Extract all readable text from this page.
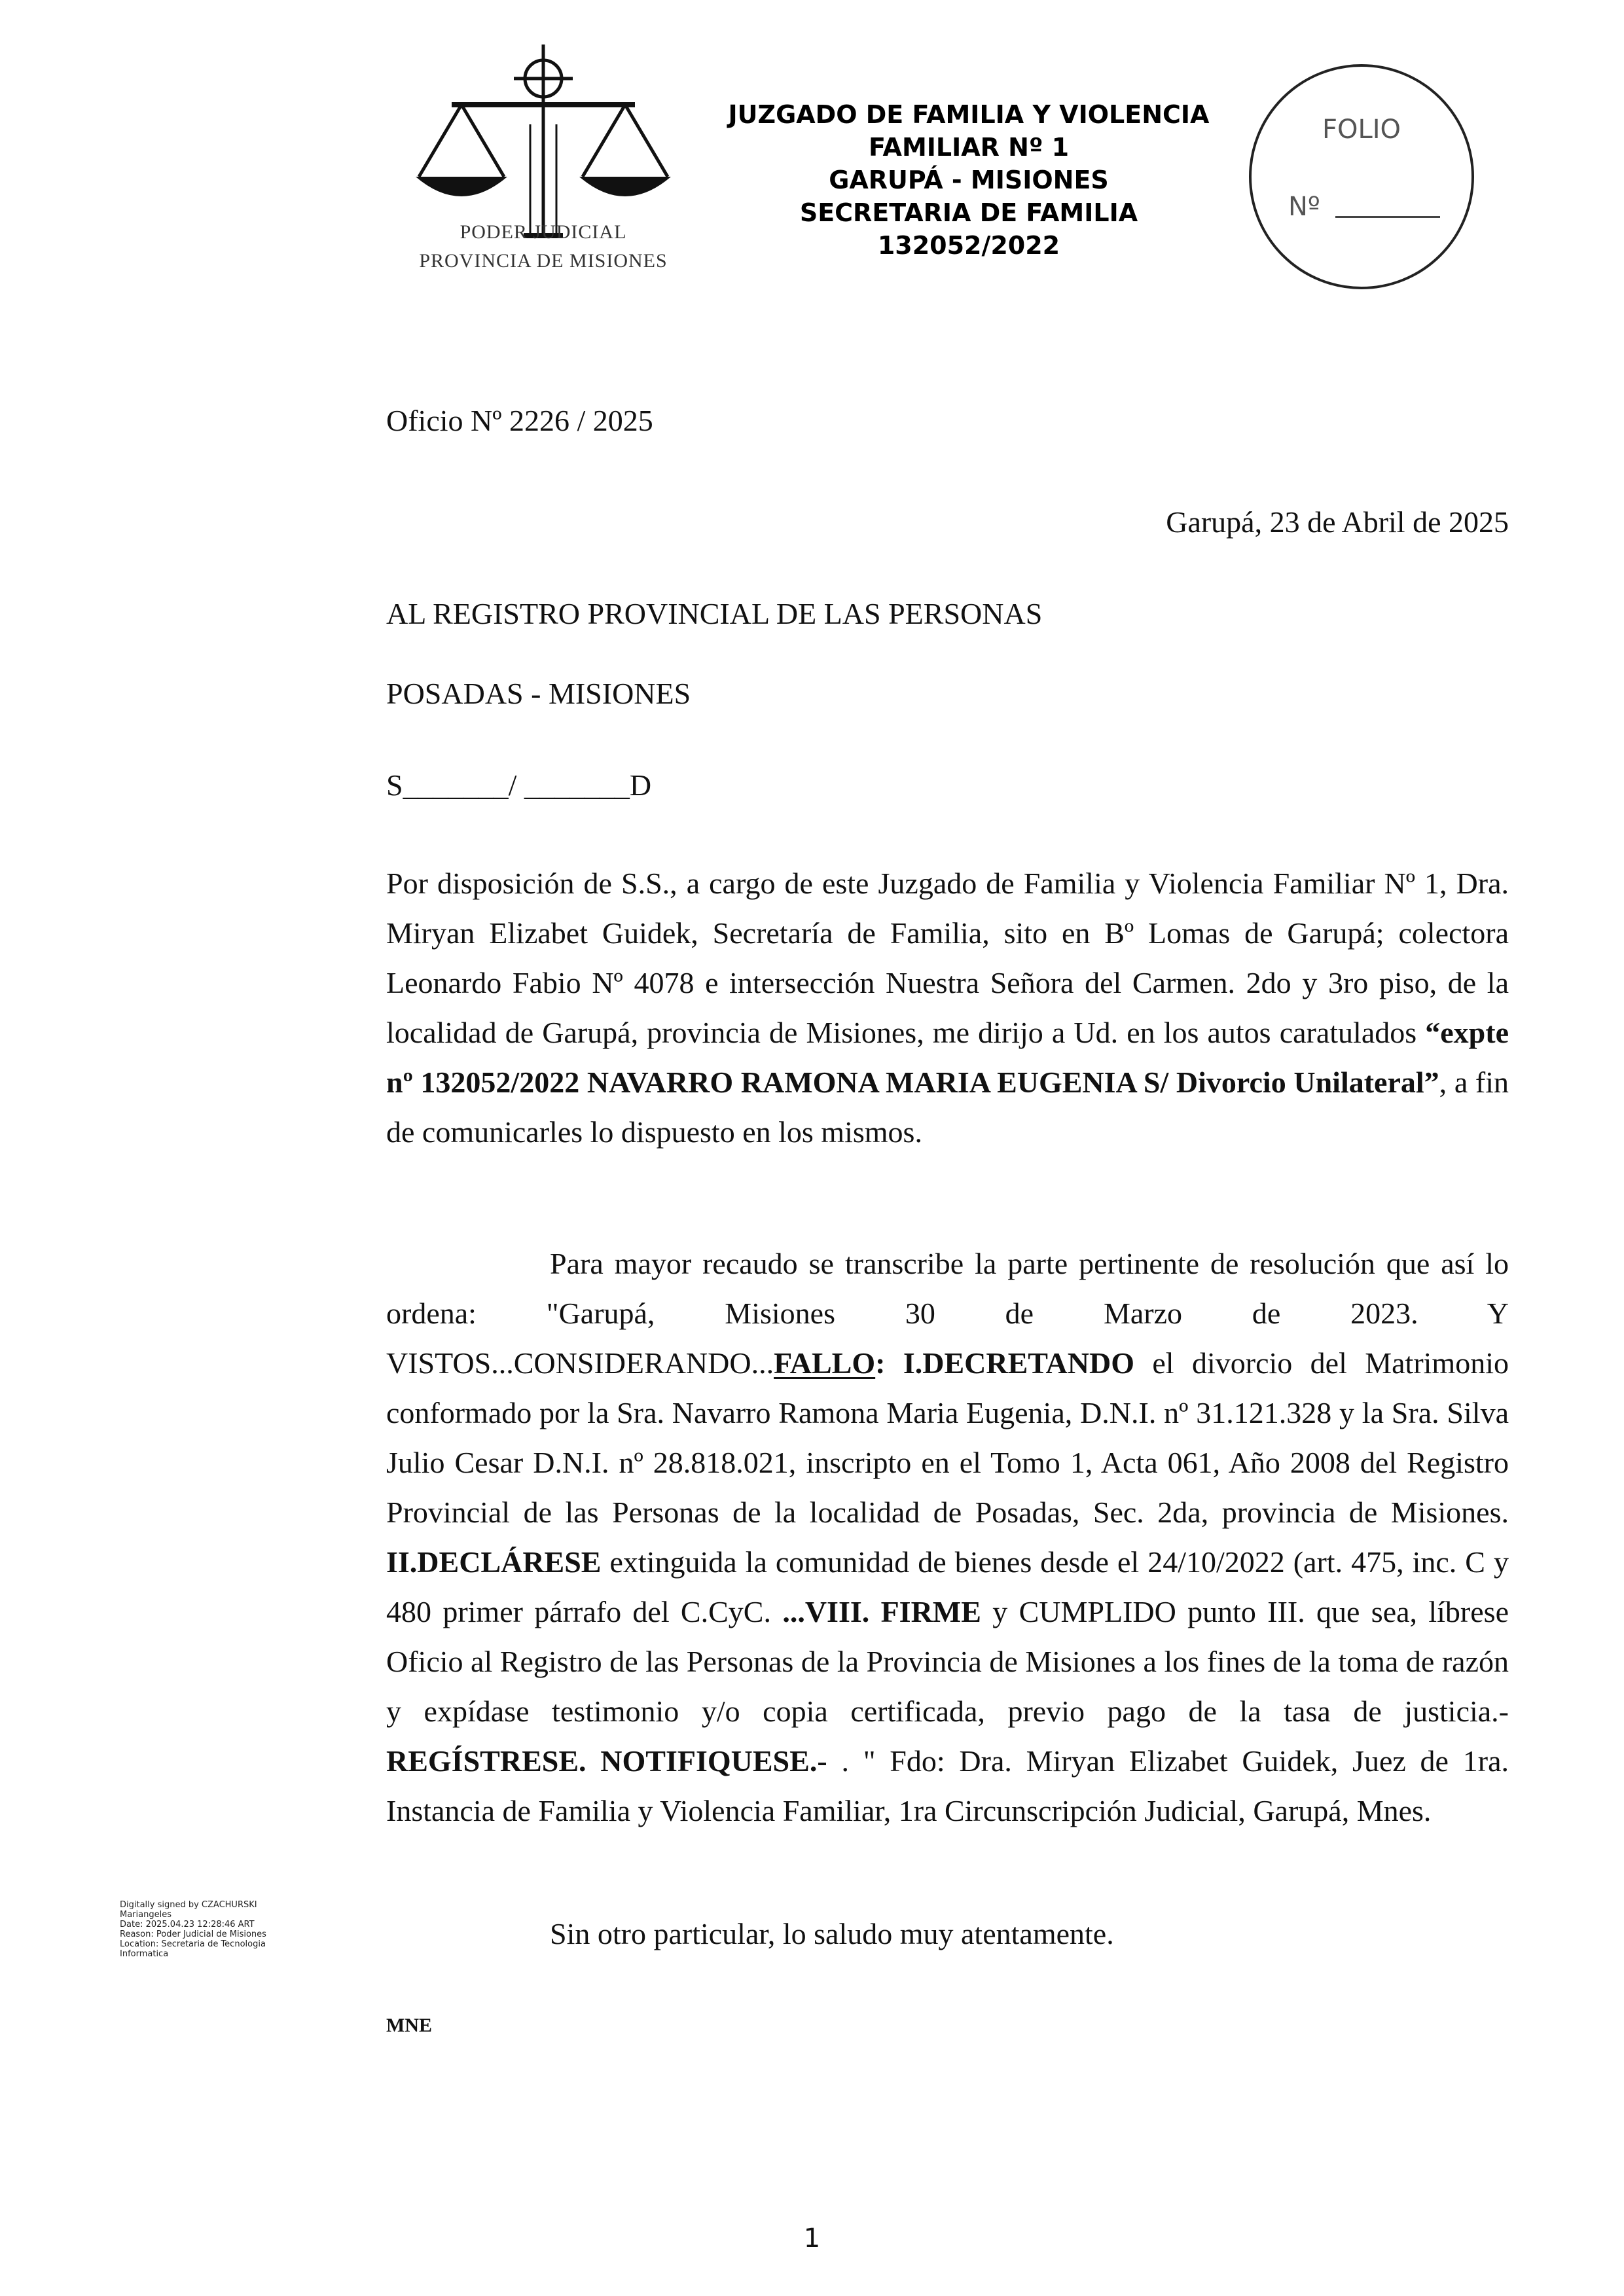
PODER JUDICIAL
PROVINCIA DE MISIONES
JUZGADO DE FAMILIA Y VIOLENCIA
FAMILIAR Nº 1
GARUPÁ - MISIONES
SECRETARIA DE FAMILIA
132052/2022
FOLIO
Nº
Oficio Nº 2226 / 2025
Garupá, 23 de Abril de 2025
AL REGISTRO PROVINCIAL DE LAS PERSONAS
POSADAS - MISIONES
S_______/ _______D
Por disposición de S.S., a cargo de este Juzgado de Familia y Violencia Familiar Nº 1, Dra. Miryan Elizabet Guidek, Secretaría de Familia, sito en Bº Lomas de Garupá; colectora Leonardo Fabio Nº 4078 e intersección Nuestra Señora del Carmen. 2do y 3ro piso, de la localidad de Garupá, provincia de Misiones, me dirijo a Ud. en los autos caratulados “expte nº 132052/2022 NAVARRO RAMONA MARIA EUGENIA S/ Divorcio Unilateral”, a fin de comunicarles lo dispuesto en los mismos.
Para mayor recaudo se transcribe la parte pertinente de resolución que así lo ordena: "Garupá, Misiones 30 de Marzo de 2023. Y VISTOS...CONSIDERANDO...FALLO: I.DECRETANDO el divorcio del Matrimonio conformado por la Sra. Navarro Ramona Maria Eugenia, D.N.I. nº 31.121.328 y la Sra. Silva Julio Cesar D.N.I. nº 28.818.021, inscripto en el Tomo 1, Acta 061, Año 2008 del Registro Provincial de las Personas de la localidad de Posadas, Sec. 2da, provincia de Misiones. II.DECLÁRESE extinguida la comunidad de bienes desde el 24/10/2022 (art. 475, inc. C y 480 primer párrafo del C.CyC. ...VIII. FIRME y CUMPLIDO punto III. que sea, líbrese Oficio al Registro de las Personas de la Provincia de Misiones a los fines de la toma de razón y expídase testimonio y/o copia certificada, previo pago de la tasa de justicia.-REGÍSTRESE. NOTIFIQUESE.- . " Fdo: Dra. Miryan Elizabet Guidek, Juez de 1ra. Instancia de Familia y Violencia Familiar, 1ra Circunscripción Judicial, Garupá, Mnes.
Digitally signed by CZACHURSKI
Mariangeles
Date: 2025.04.23 12:28:46 ART
Reason: Poder Judicial de Misiones
Location: Secretaria de Tecnologia
Informatica
Sin otro particular, lo saludo muy atentamente.
MNE
1
